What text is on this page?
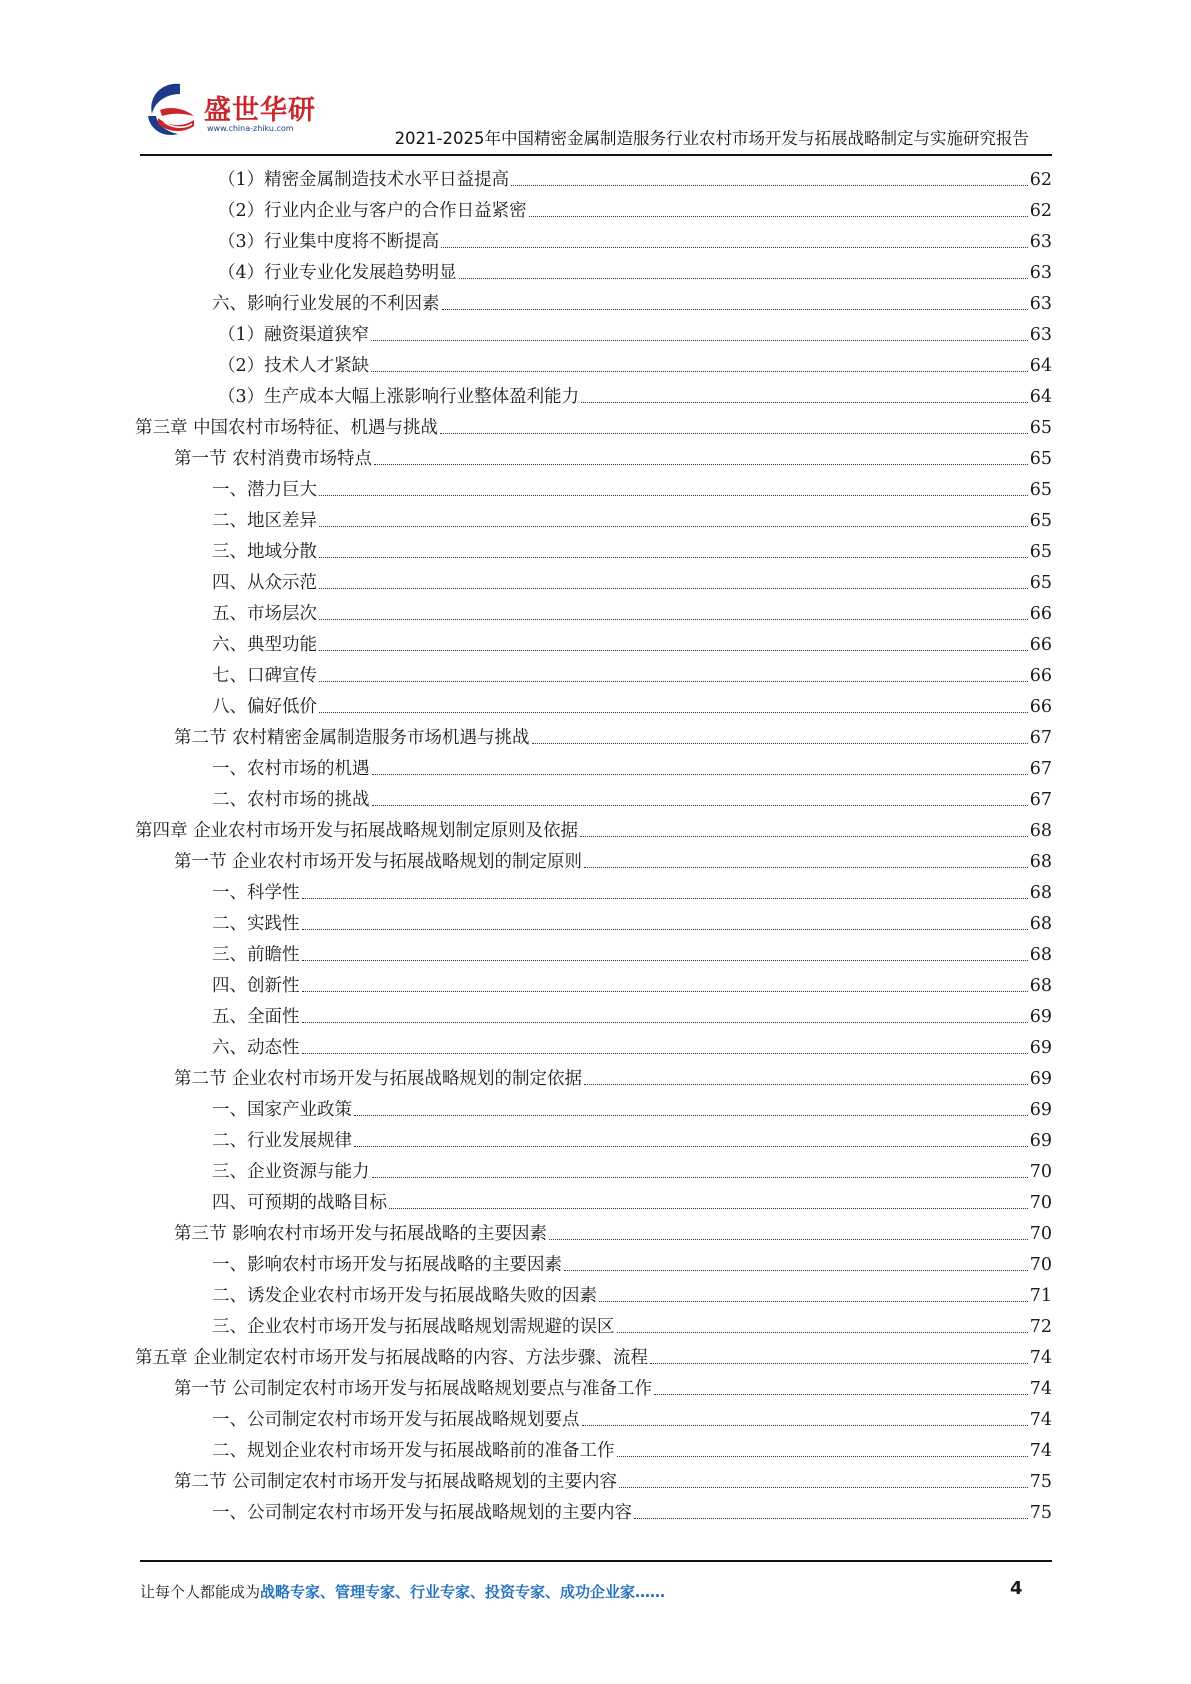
盛世华研
www.china-zhiku.com
2021-2025年中国精密金属制造服务行业农村市场开发与拓展战略制定与实施研究报告
（1）精密金属制造技术水平日益提高	62
（2）行业内企业与客户的合作日益紧密	62
（3）行业集中度将不断提高	63
（4）行业专业化发展趋势明显	63
六、影响行业发展的不利因素	63
（1）融资渠道狭窄	63
（2）技术人才紧缺	64
（3）生产成本大幅上涨影响行业整体盈利能力	64
第三章 中国农村市场特征、机遇与挑战	65
第一节 农村消费市场特点	65
一、潜力巨大	65
二、地区差异	65
三、地域分散	65
四、从众示范	65
五、市场层次	66
六、典型功能	66
七、口碑宣传	66
八、偏好低价	66
第二节 农村精密金属制造服务市场机遇与挑战	67
一、农村市场的机遇	67
二、农村市场的挑战	67
第四章 企业农村市场开发与拓展战略规划制定原则及依据	68
第一节 企业农村市场开发与拓展战略规划的制定原则	68
一、科学性	68
二、实践性	68
三、前瞻性	68
四、创新性	68
五、全面性	69
六、动态性	69
第二节 企业农村市场开发与拓展战略规划的制定依据	69
一、国家产业政策	69
二、行业发展规律	69
三、企业资源与能力	70
四、可预期的战略目标	70
第三节 影响农村市场开发与拓展战略的主要因素	70
一、影响农村市场开发与拓展战略的主要因素	70
二、诱发企业农村市场开发与拓展战略失败的因素	71
三、企业农村市场开发与拓展战略规划需规避的误区	72
第五章 企业制定农村市场开发与拓展战略的内容、方法步骤、流程	74
第一节 公司制定农村市场开发与拓展战略规划要点与准备工作	74
一、公司制定农村市场开发与拓展战略规划要点	74
二、规划企业农村市场开发与拓展战略前的准备工作	74
第二节 公司制定农村市场开发与拓展战略规划的主要内容	75
一、公司制定农村市场开发与拓展战略规划的主要内容	75
让每个人都能成为战略专家、管理专家、行业专家、投资专家、成功企业家……	4
